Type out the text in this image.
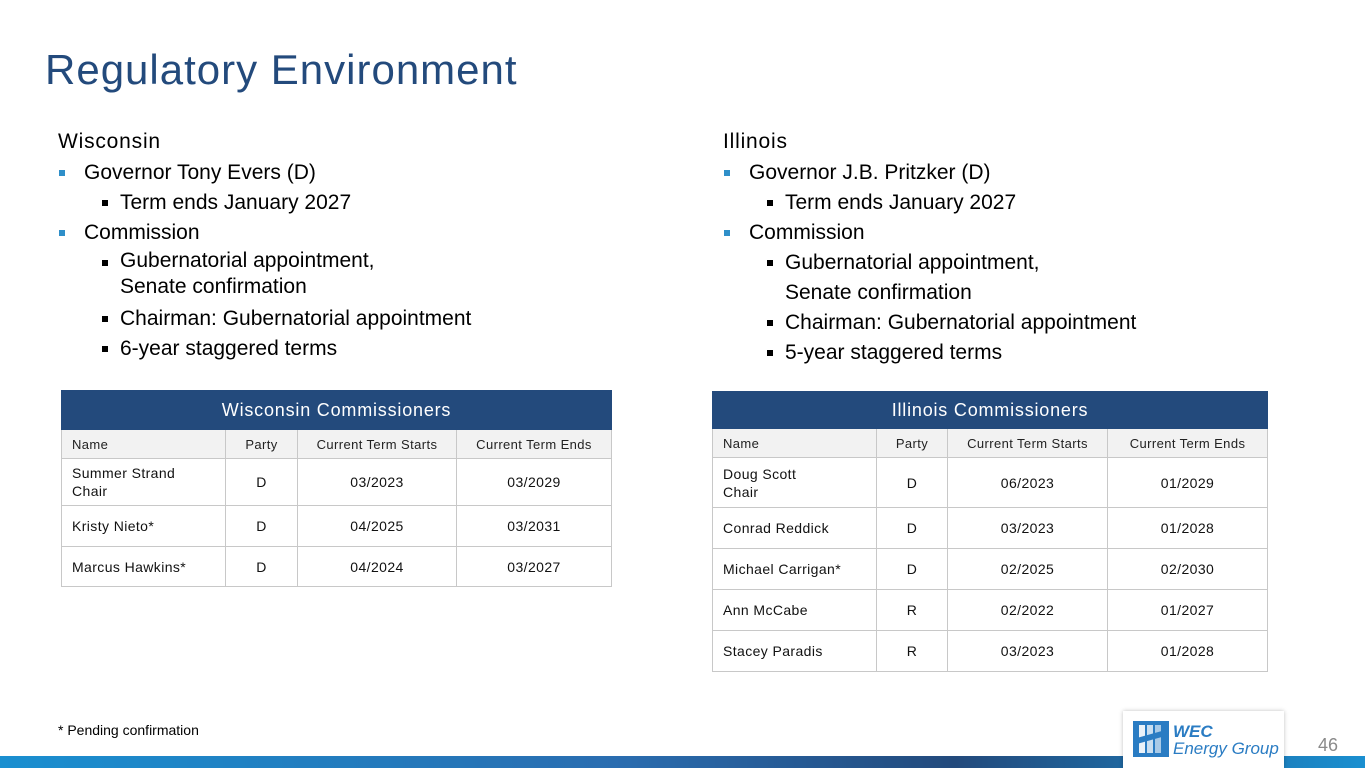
Regulatory Environment
Wisconsin
Governor Tony Evers (D)
Term ends January 2027
Commission
Gubernatorial appointment,
Senate confirmation
Chairman: Gubernatorial appointment
6-year staggered terms
Illinois
Governor J.B. Pritzker (D)
Term ends January 2027
Commission
Gubernatorial appointment,
Senate confirmation
Chairman: Gubernatorial appointment
5-year staggered terms
Wisconsin Commissioners			
Name	Party	Current Term Starts	Current Term Ends

Summer Strand
Chair	D	03/2023	03/2029
Kristy Nieto*	D	04/2025	03/2031
Marcus Hawkins*	D	04/2024	03/2027
Illinois Commissioners			
Name	Party	Current Term Starts	Current Term Ends

Doug Scott
Chair	D	06/2023	01/2029
Conrad Reddick	D	03/2023	01/2028
Michael Carrigan*	D	02/2025	02/2030
Ann McCabe	R	02/2022	01/2027
Stacey Paradis	R	03/2023	01/2028
* Pending confirmation	WEC
Energy Group 46
